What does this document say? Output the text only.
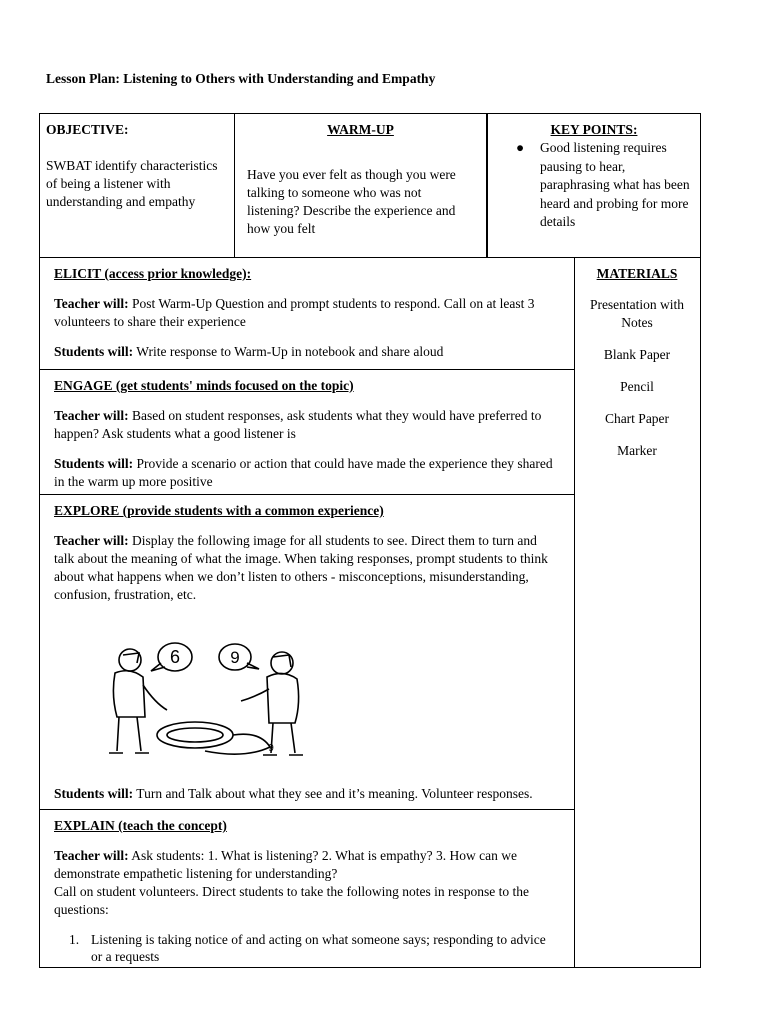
Lesson Plan: Listening to Others with Understanding and Empathy

OBJECTIVE:

SWBAT identify characteristics of being a listener with understanding and empathy

WARM-UP

Have you ever felt as though you were talking to someone who was not listening? Describe the experience and how you felt

KEY POINTS:

● Good listening requires pausing to hear, paraphrasing what has been heard and probing for more details
ELICIT (access prior knowledge):

Teacher will: Post Warm-Up Question and prompt students to respond. Call on at least 3 volunteers to share their experience

Students will: Write response to Warm-Up in notebook and share aloud

ENGAGE (get students' minds focused on the topic)

Teacher will: Based on student responses, ask students what they would have preferred to happen? Ask students what a good listener is

Students will: Provide a scenario or action that could have made the experience they shared in the warm up more positive

EXPLORE (provide students with a common experience)

Teacher will: Display the following image for all students to see. Direct them to turn and talk about the meaning of what the image. When taking responses, prompt students to think about what happens when we don’t listen to others - misconceptions, misunderstanding, confusion, frustration, etc.

6	9
9

Students will: Turn and Talk about what they see and it’s meaning. Volunteer responses.

EXPLAIN (teach the concept)

Teacher will: Ask students: 1. What is listening? 2. What is empathy? 3. How can we demonstrate empathetic listening for understanding?

Call on student volunteers. Direct students to take the following notes in response to the questions:

1. Listening is taking notice of and acting on what someone says; responding to advice or a requests
MATERIALS
Presentation with Notes
Blank Paper
Pencil
Chart Paper
Marker
